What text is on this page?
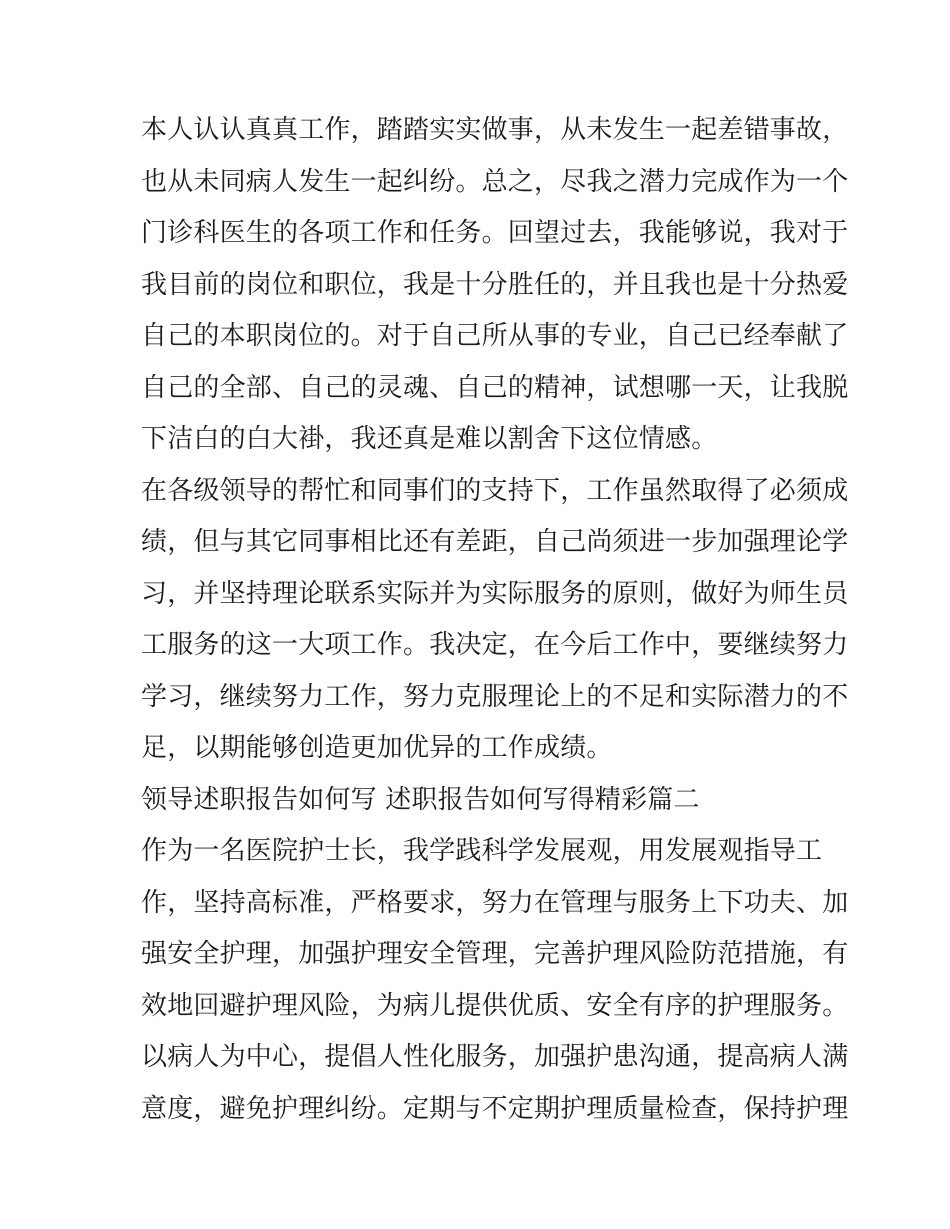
本人认认真真工作，踏踏实实做事，从未发生一起差错事故，
也从未同病人发生一起纠纷。总之，尽我之潜力完成作为一个
门诊科医生的各项工作和任务。回望过去，我能够说，我对于
我目前的岗位和职位，我是十分胜任的，并且我也是十分热爱
自己的本职岗位的。对于自己所从事的专业，自己已经奉献了
自己的全部、自己的灵魂、自己的精神，试想哪一天，让我脱
下洁白的白大褂，我还真是难以割舍下这位情感。
在各级领导的帮忙和同事们的支持下，工作虽然取得了必须成
绩，但与其它同事相比还有差距，自己尚须进一步加强理论学
习，并坚持理论联系实际并为实际服务的原则，做好为师生员
工服务的这一大项工作。我决定，在今后工作中，要继续努力
学习，继续努力工作，努力克服理论上的不足和实际潜力的不
足，以期能够创造更加优异的工作成绩。
领导述职报告如何写 述职报告如何写得精彩篇二
作为一名医院护士长，我学践科学发展观，用发展观指导工
作，坚持高标准，严格要求，努力在管理与服务上下功夫、加
强安全护理，加强护理安全管理，完善护理风险防范措施，有
效地回避护理风险，为病儿提供优质、安全有序的护理服务。
以病人为中心，提倡人性化服务，加强护患沟通，提高病人满
意度，避免护理纠纷。定期与不定期护理质量检查，保持护理
